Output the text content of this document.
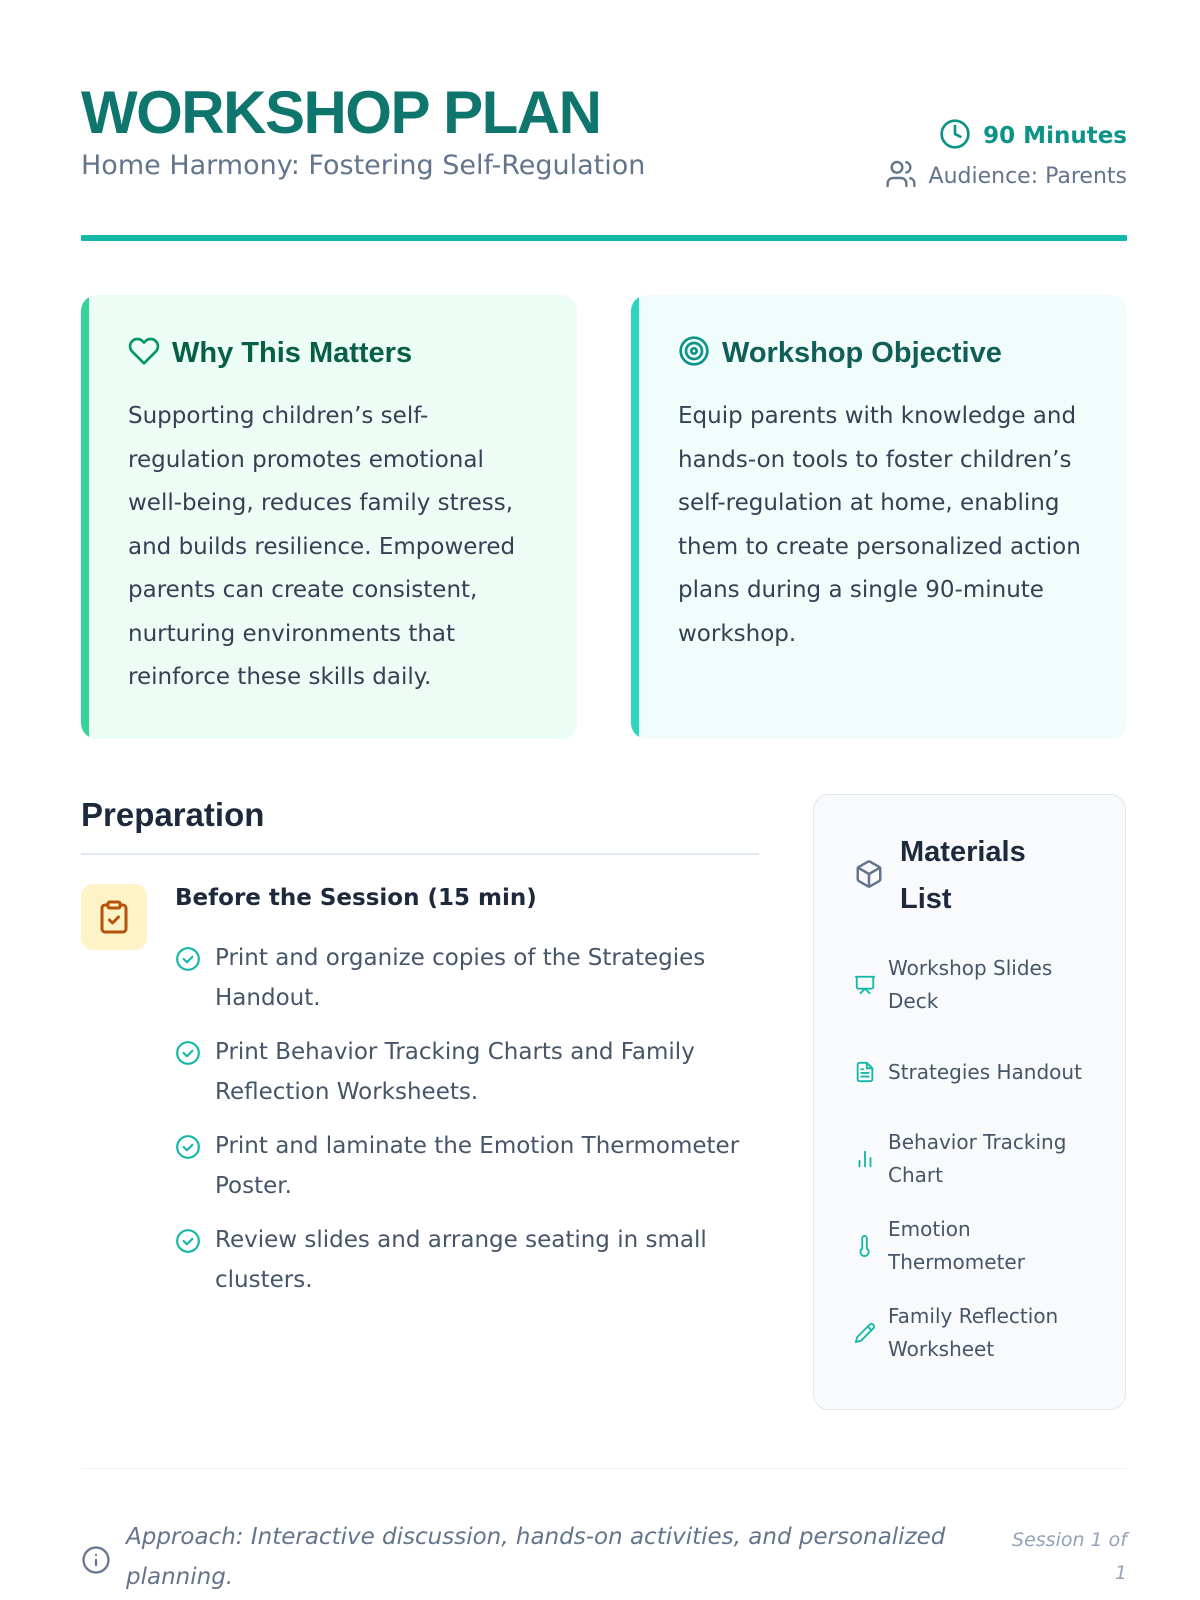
WORKSHOP PLAN
Home Harmony: Fostering Self-Regulation
90 Minutes
Audience: Parents
Why This Matters

Supporting children’s self-regulation promotes emotional well-being, reduces family stress, and builds resilience. Empowered parents can create consistent, nurturing environments that reinforce these skills daily.

Workshop Objective

Equip parents with knowledge and hands-on tools to foster children’s self-regulation at home, enabling them to create personalized action plans during a single 90-minute workshop.

Preparation
Before the Session (15 min)
Print and organize copies of the Strategies Handout.
Print Behavior Tracking Charts and Family Reflection Worksheets.
Print and laminate the Emotion Thermometer Poster.
Review slides and arrange seating in small clusters.
Materials List
Workshop Slides Deck
Strategies Handout
Behavior Tracking Chart
Emotion Thermometer
Family Reflection Worksheet
Approach: Interactive discussion, hands-on activities, and personalized planning.
Session 1 of 1
